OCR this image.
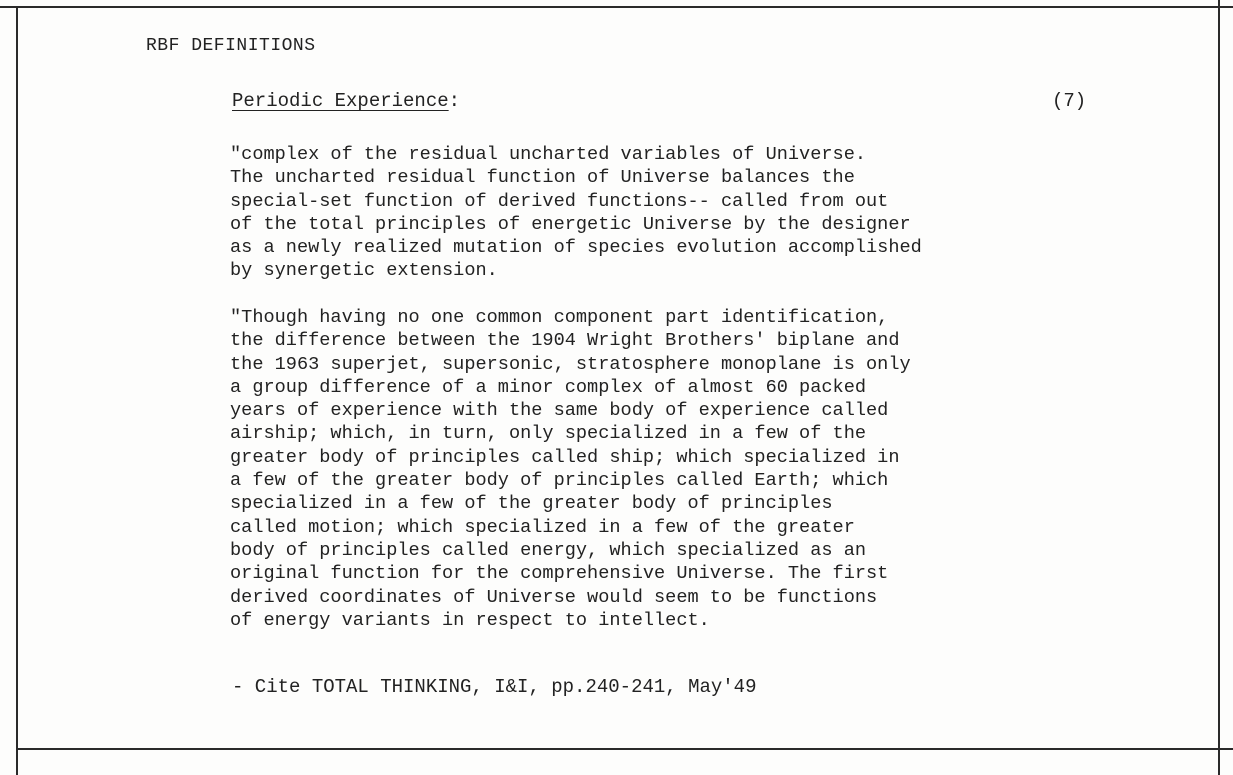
RBF DEFINITIONS
Periodic Experience:	(7)
"complex of the residual uncharted variables of Universe.
The uncharted residual function of Universe balances the
special-set function of derived functions-- called from out
of the total principles of energetic Universe by the designer
as a newly realized mutation of species evolution accomplished
by synergetic extension.
"Though having no one common component part identification,
the difference between the 1904 Wright Brothers' biplane and
the 1963 superjet, supersonic, stratosphere monoplane is only
a group difference of a minor complex of almost 60 packed
years of experience with the same body of experience called
airship; which, in turn, only specialized in a few of the
greater body of principles called ship; which specialized in
a few of the greater body of principles called Earth; which
specialized in a few of the greater body of principles
called motion; which specialized in a few of the greater
body of principles called energy, which specialized as an
original function for the comprehensive Universe. The first
derived coordinates of Universe would seem to be functions
of energy variants in respect to intellect.
- Cite TOTAL THINKING, I&I, pp.240-241, May'49
